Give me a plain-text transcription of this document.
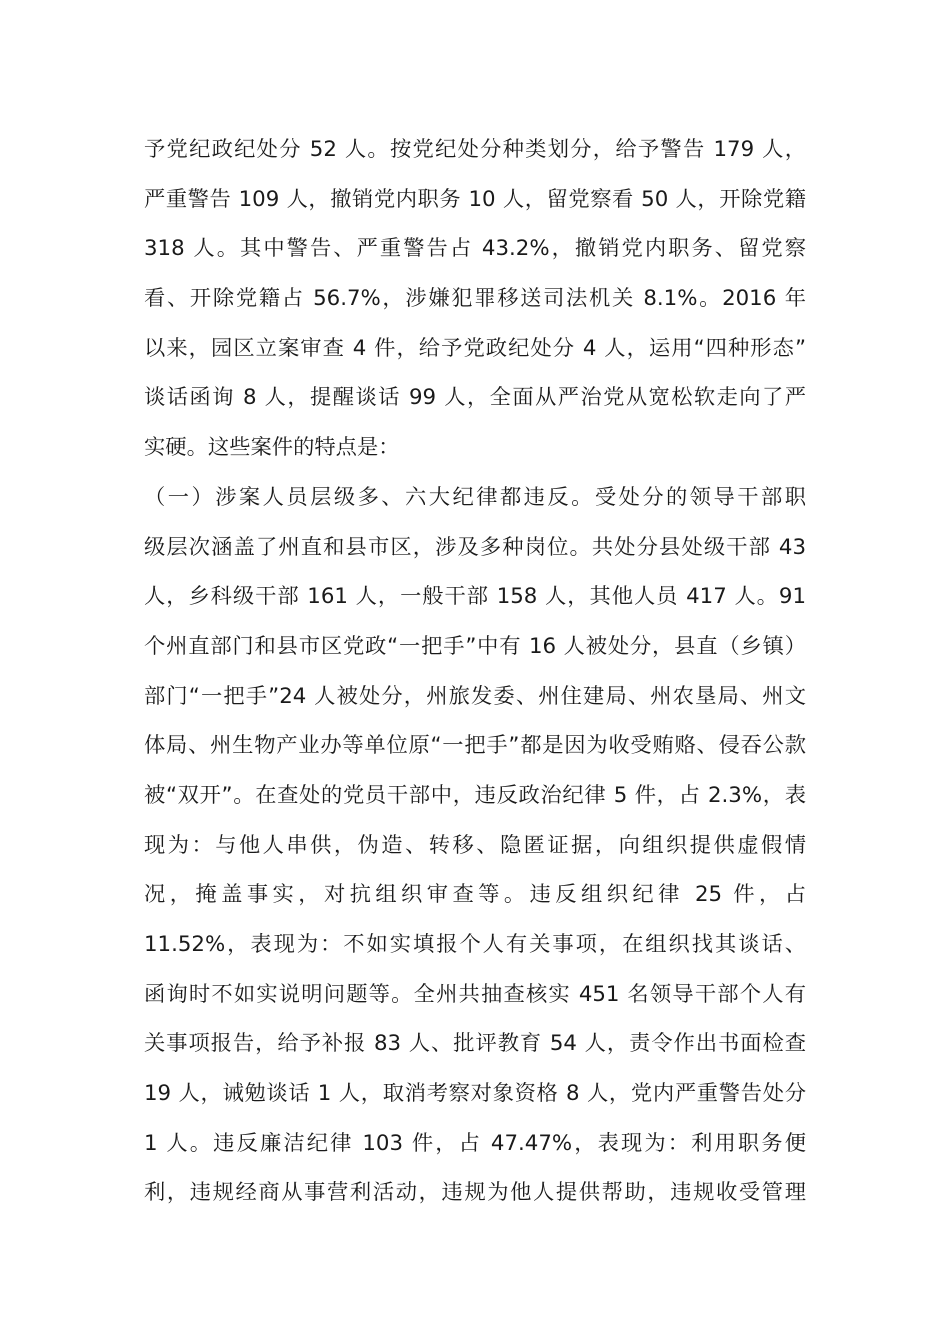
予党纪政纪处分 52 人。按党纪处分种类划分，给予警告 179 人，
严重警告 109 人，撤销党内职务 10 人，留党察看 50 人，开除党籍
318 人。其中警告、严重警告占 43.2%，撤销党内职务、留党察
看、开除党籍占 56.7%，涉嫌犯罪移送司法机关 8.1%。2016 年
以来，园区立案审查 4 件，给予党政纪处分 4 人，运用“四种形态”
谈话函询 8 人，提醒谈话 99 人，全面从严治党从宽松软走向了严
实硬。这些案件的特点是：
（一）涉案人员层级多、六大纪律都违反。受处分的领导干部职
级层次涵盖了州直和县市区，涉及多种岗位。共处分县处级干部 43
人，乡科级干部 161 人，一般干部 158 人，其他人员 417 人。91
个州直部门和县市区党政“一把手”中有 16 人被处分，县直（乡镇）
部门“一把手”24 人被处分，州旅发委、州住建局、州农垦局、州文
体局、州生物产业办等单位原“一把手”都是因为收受贿赂、侵吞公款
被“双开”。在查处的党员干部中，违反政治纪律 5 件，占 2.3%，表
现为：与他人串供，伪造、转移、隐匿证据，向组织提供虚假情
况，掩盖事实，对抗组织审查等。违反组织纪律 25 件，占
11.52%，表现为：不如实填报个人有关事项，在组织找其谈话、
函询时不如实说明问题等。全州共抽查核实 451 名领导干部个人有
关事项报告，给予补报 83 人、批评教育 54 人，责令作出书面检查
19 人，诫勉谈话 1 人，取消考察对象资格 8 人，党内严重警告处分
1 人。违反廉洁纪律 103 件，占 47.47%，表现为：利用职务便
利，违规经商从事营利活动，违规为他人提供帮助，违规收受管理
